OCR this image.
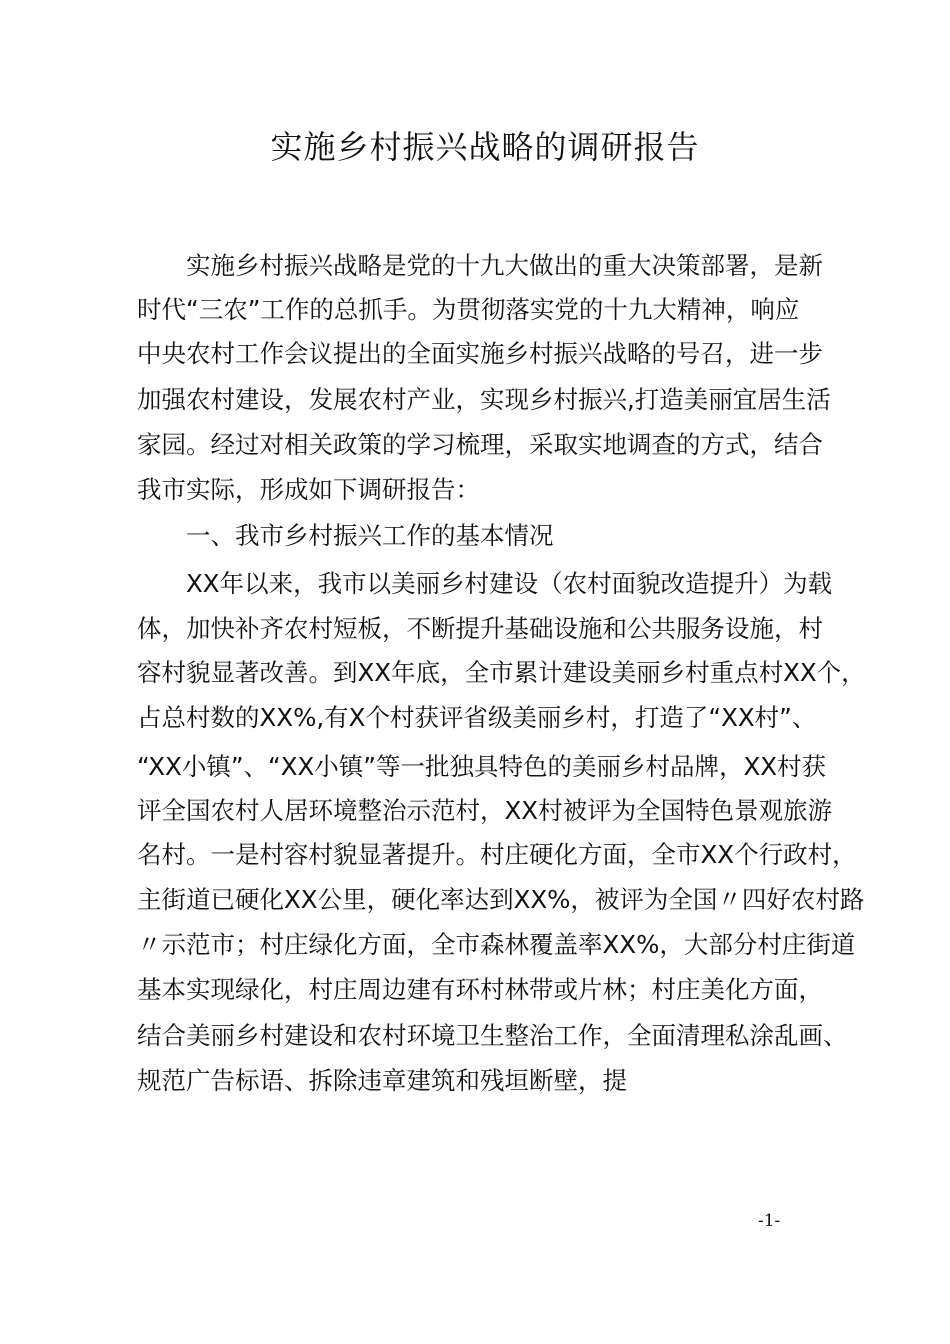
实施乡村振兴战略的调研报告

实施乡村振兴战略是党的十九大做出的重大决策部署，是新

时代“三农”工作的总抓手。为贯彻落实党的十九大精神，响应

中央农村工作会议提出的全面实施乡村振兴战略的号召，进一步

加强农村建设，发展农村产业，实现乡村振兴,打造美丽宜居生活

家园。经过对相关政策的学习梳理，采取实地调查的方式，结合

我市实际，形成如下调研报告：

一、我市乡村振兴工作的基本情况

XX年以来，我市以美丽乡村建设（农村面貌改造提升）为载

体，加快补齐农村短板，不断提升基础设施和公共服务设施，村

容村貌显著改善。到XX年底，全市累计建设美丽乡村重点村XX个，

占总村数的XX%,有X个村获评省级美丽乡村，打造了“XX村”、

“XX小镇”、“XX小镇”等一批独具特色的美丽乡村品牌，XX村获

评全国农村人居环境整治示范村，XX村被评为全国特色景观旅游

名村。一是村容村貌显著提升。村庄硬化方面，全市XX个行政村，

主街道已硬化XX公里，硬化率达到XX%，被评为全国〃四好农村路

〃示范市；村庄绿化方面，全市森林覆盖率XX%，大部分村庄街道

基本实现绿化，村庄周边建有环村林带或片林；村庄美化方面，

结合美丽乡村建设和农村环境卫生整治工作，全面清理私涂乱画、

规范广告标语、拆除违章建筑和残垣断壁，提

-1-
